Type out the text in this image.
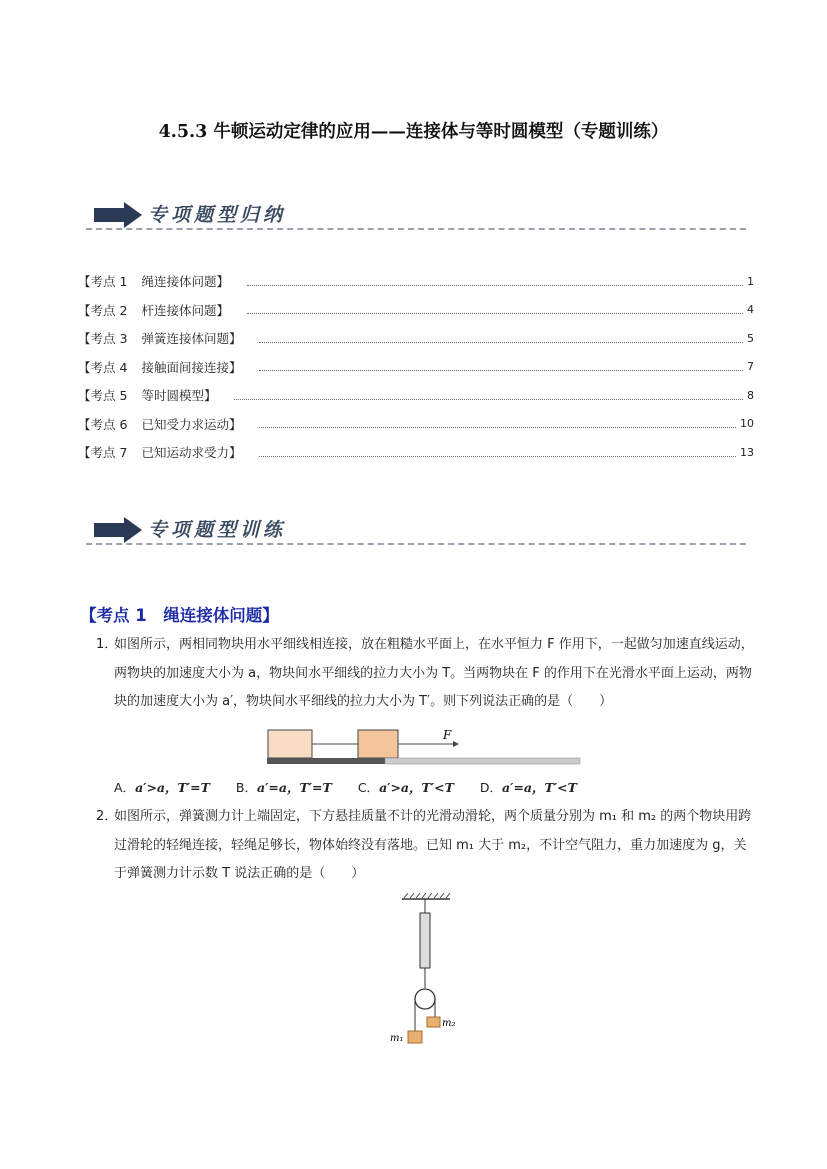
4.5.3 牛顿运动定律的应用——连接体与等时圆模型（专题训练）
专项题型归纳
【考点 1 绳连接体问题】	1
【考点 2 杆连接体问题】	4
【考点 3 弹簧连接体问题】	5
【考点 4 接触面间接连接】	7
【考点 5 等时圆模型】	8
【考点 6 已知受力求运动】	10
【考点 7 已知运动求受力】	13
专项题型训练
【考点 1　绳连接体问题】
1．
如图所示，两相同物块用水平细线相连接，放在粗糙水平面上，在水平恒力 F 作用下，一起做匀加速直线运动，两物块的加速度大小为 a，物块间水平细线的拉力大小为 T。当两物块在 F 的作用下在光滑水平面上运动，两物块的加速度大小为 a′，物块间水平细线的拉力大小为 T′。则下列说法正确的是（　　）
F
A．a′>a，T′=T B．a′=a，T′=T C．a′>a，T′<T D．a′=a，T′<T
2．
如图所示，弹簧测力计上端固定，下方悬挂质量不计的光滑动滑轮，两个质量分别为 m₁ 和 m₂ 的两个物块用跨过滑轮的轻绳连接，轻绳足够长，物体始终没有落地。已知 m₁ 大于 m₂，不计空气阻力，重力加速度为 g，关于弹簧测力计示数 T 说法正确的是（　　）
m₂
m₁
